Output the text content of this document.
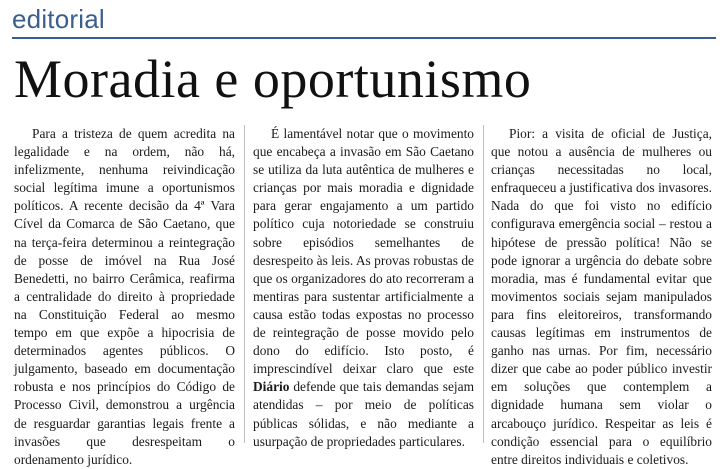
editorial
Moradia e oportunismo

Para a tristeza de quem acredita na legalidade e na ordem, não há, infelizmente, nenhuma reivindicação social legítima imune a oportunismos políticos. A recente decisão da 4ª Vara Cível da Comarca de São Caetano, que na terça-feira determinou a reintegração de posse de imóvel na Rua José Benedetti, no bairro Cerâmica, reafirma a centralidade do direito à propriedade na Constituição Federal ao mesmo tempo em que expõe a hipocrisia de determinados agentes públicos. O julgamento, baseado em documentação robusta e nos princípios do Código de Processo Civil, demonstrou a urgência de resguardar garantias legais frente a invasões que desrespeitam o ordenamento jurídico.

É lamentável notar que o movimento que encabeça a invasão em São Caetano se utiliza da luta autêntica de mulheres e crianças por mais moradia e dignidade para gerar engajamento a um partido político cuja notoriedade se construiu sobre episódios semelhantes de desrespeito às leis. As provas robustas de que os organizadores do ato recorreram a mentiras para sustentar artificialmente a causa estão todas expostas no processo de reintegração de posse movido pelo dono do edifício. Isto posto, é imprescindível deixar claro que este Diário defende que tais demandas sejam atendidas – por meio de políticas públicas sólidas, e não mediante a usurpação de propriedades particulares.

Pior: a visita de oficial de Justiça, que notou a ausência de mulheres ou crianças necessitadas no local, enfraqueceu a justificativa dos invasores. Nada do que foi visto no edifício configurava emergência social – restou a hipótese de pressão política! Não se pode ignorar a urgência do debate sobre moradia, mas é fundamental evitar que movimentos sociais sejam manipulados para fins eleitoreiros, transformando causas legítimas em instrumentos de ganho nas urnas. Por fim, necessário dizer que cabe ao poder público investir em soluções que contemplem a dignidade humana sem violar o arcabouço jurídico. Respeitar as leis é condição essencial para o equilíbrio entre direitos individuais e coletivos.
